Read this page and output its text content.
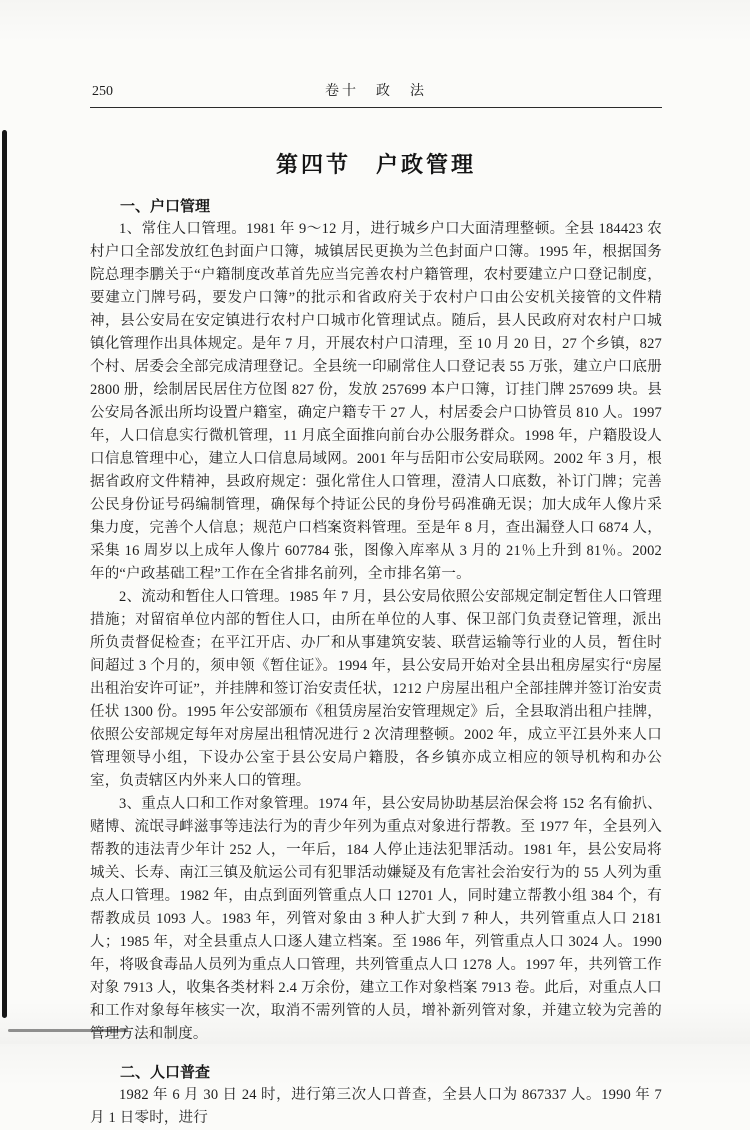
250	卷十　政　法
第四节　户政管理
一、户口管理

1、常住人口管理。1981 年 9～12 月，进行城乡户口大面清理整顿。全县 184423 农村户口全部发放红色封面户口簿，城镇居民更换为兰色封面户口簿。1995 年，根据国务院总理李鹏关于“户籍制度改革首先应当完善农村户籍管理，农村要建立户口登记制度，要建立门牌号码，要发户口簿”的批示和省政府关于农村户口由公安机关接管的文件精神，县公安局在安定镇进行农村户口城市化管理试点。随后，县人民政府对农村户口城镇化管理作出具体规定。是年 7 月，开展农村户口清理，至 10 月 20 日，27 个乡镇，827 个村、居委会全部完成清理登记。全县统一印刷常住人口登记表 55 万张，建立户口底册 2800 册，绘制居民居住方位图 827 份，发放 257699 本户口簿，订挂门牌 257699 块。县公安局各派出所均设置户籍室，确定户籍专干 27 人，村居委会户口协管员 810 人。1997 年，人口信息实行微机管理，11 月底全面推向前台办公服务群众。1998 年，户籍股设人口信息管理中心，建立人口信息局域网。2001 年与岳阳市公安局联网。2002 年 3 月，根据省政府文件精神，县政府规定：强化常住人口管理，澄清人口底数，补订门牌；完善公民身份证号码编制管理，确保每个持证公民的身份号码准确无误；加大成年人像片采集力度，完善个人信息；规范户口档案资料管理。至是年 8 月，查出漏登人口 6874 人，采集 16 周岁以上成年人像片 607784 张，图像入库率从 3 月的 21％上升到 81％。2002 年的“户政基础工程”工作在全省排名前列，全市排名第一。

2、流动和暂住人口管理。1985 年 7 月，县公安局依照公安部规定制定暂住人口管理措施；对留宿单位内部的暂住人口，由所在单位的人事、保卫部门负责登记管理，派出所负责督促检查；在平江开店、办厂和从事建筑安装、联营运输等行业的人员，暂住时间超过 3 个月的，须申领《暂住证》。1994 年，县公安局开始对全县出租房屋实行“房屋出租治安许可证”，并挂牌和签订治安责任状，1212 户房屋出租户全部挂牌并签订治安责任状 1300 份。1995 年公安部颁布《租赁房屋治安管理规定》后，全县取消出租户挂牌，依照公安部规定每年对房屋出租情况进行 2 次清理整顿。2002 年，成立平江县外来人口管理领导小组，下设办公室于县公安局户籍股，各乡镇亦成立相应的领导机构和办公室，负责辖区内外来人口的管理。

3、重点人口和工作对象管理。1974 年，县公安局协助基层治保会将 152 名有偷扒、赌博、流氓寻衅滋事等违法行为的青少年列为重点对象进行帮教。至 1977 年，全县列入帮教的违法青少年计 252 人，一年后，184 人停止违法犯罪活动。1981 年，县公安局将城关、长寿、南江三镇及航运公司有犯罪活动嫌疑及有危害社会治安行为的 55 人列为重点人口管理。1982 年，由点到面列管重点人口 12701 人，同时建立帮教小组 384 个，有帮教成员 1093 人。1983 年，列管对象由 3 种人扩大到 7 种人，共列管重点人口 2181 人；1985 年，对全县重点人口逐人建立档案。至 1986 年，列管重点人口 3024 人。1990 年，将吸食毒品人员列为重点人口管理，共列管重点人口 1278 人。1997 年，共列管工作对象 7913 人，收集各类材料 2.4 万余份，建立工作对象档案 7913 卷。此后，对重点人口和工作对象每年核实一次，取消不需列管的人员，增补新列管对象，并建立较为完善的管理方法和制度。

二、人口普查

1982 年 6 月 30 日 24 时，进行第三次人口普查，全县人口为 867337 人。1990 年 7 月 1 日零时，进行
